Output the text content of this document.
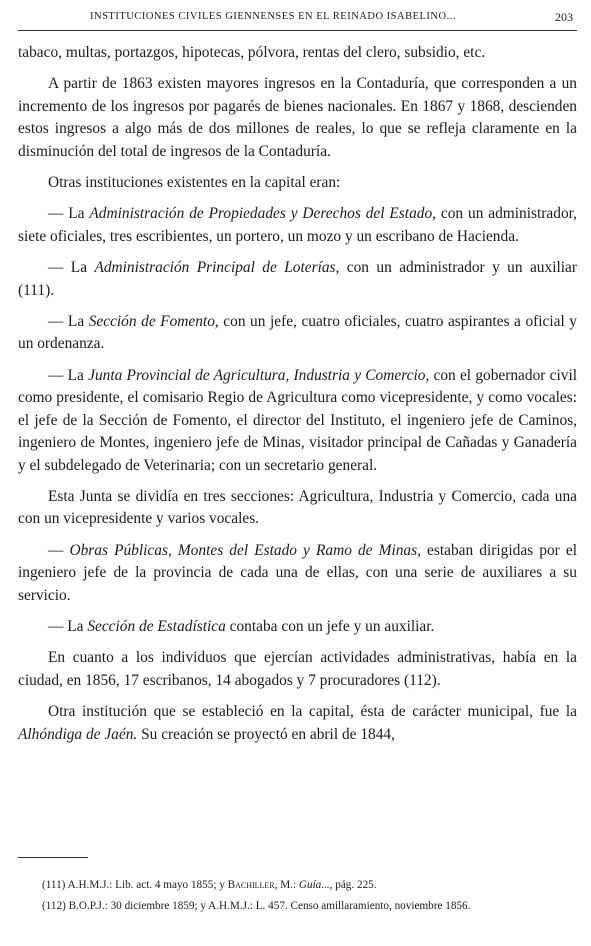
INSTITUCIONES CIVILES GIENNENSES EN EL REINADO ISABELINO...	203

tabaco, multas, portazgos, hipotecas, pólvora, rentas del clero, subsidio, etc.

A partir de 1863 existen mayores ingresos en la Contaduría, que corresponden a un incremento de los ingresos por pagarés de bienes nacionales. En 1867 y 1868, descienden estos ingresos a algo más de dos millones de reales, lo que se refleja claramente en la disminución del total de ingresos de la Contaduría.

Otras instituciones existentes en la capital eran:

— La Administración de Propiedades y Derechos del Estado, con un administrador, siete oficiales, tres escribientes, un portero, un mozo y un escribano de Hacienda.

— La Administración Principal de Loterías, con un administrador y un auxiliar (111).

— La Sección de Fomento, con un jefe, cuatro oficiales, cuatro aspirantes a oficial y un ordenanza.

— La Junta Provincial de Agricultura, Industria y Comercio, con el gobernador civil como presidente, el comisario Regio de Agricultura como vicepresidente, y como vocales: el jefe de la Sección de Fomento, el director del Instituto, el ingeniero jefe de Caminos, ingeniero de Montes, ingeniero jefe de Minas, visitador principal de Cañadas y Ganadería y el subdelegado de Veterinaria; con un secretario general.

Esta Junta se dividía en tres secciones: Agricultura, Industria y Comercio, cada una con un vicepresidente y varios vocales.

— Obras Públicas, Montes del Estado y Ramo de Minas, estaban dirigidas por el ingeniero jefe de la provincia de cada una de ellas, con una serie de auxiliares a su servicio.

— La Sección de Estadística contaba con un jefe y un auxiliar.

En cuanto a los individuos que ejercían actividades administrativas, había en la ciudad, en 1856, 17 escribanos, 14 abogados y 7 procuradores (112).

Otra institución que se estableció en la capital, ésta de carácter municipal, fue la Alhóndiga de Jaén. Su creación se proyectó en abril de 1844,

(111) A.H.M.J.: Lib. act. 4 mayo 1855; y Bachiller, M.: Guía..., pág. 225.

(112) B.O.P.J.: 30 diciembre 1859; y A.H.M.J.: L. 457. Censo amillaramiento, noviembre 1856.
